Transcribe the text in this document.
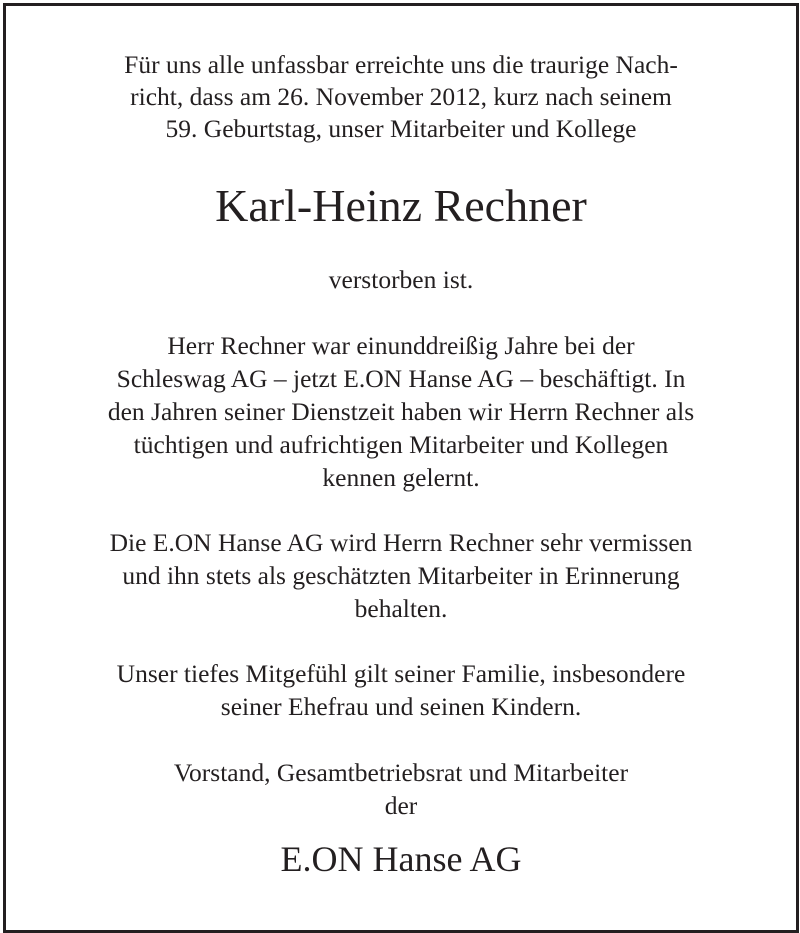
Für uns alle unfassbar erreichte uns die traurige Nach-
richt, dass am 26. November 2012, kurz nach seinem
59. Geburtstag, unser Mitarbeiter und Kollege
Karl-Heinz Rechner
verstorben ist.
Herr Rechner war einunddreißig Jahre bei der
Schleswag AG – jetzt E.ON Hanse AG – beschäftigt. In
den Jahren seiner Dienstzeit haben wir Herrn Rechner als
tüchtigen und aufrichtigen Mitarbeiter und Kollegen
kennen gelernt.
Die E.ON Hanse AG wird Herrn Rechner sehr vermissen
und ihn stets als geschätzten Mitarbeiter in Erinnerung
behalten.
Unser tiefes Mitgefühl gilt seiner Familie, insbesondere
seiner Ehefrau und seinen Kindern.
Vorstand, Gesamtbetriebsrat und Mitarbeiter
der
E.ON Hanse AG
